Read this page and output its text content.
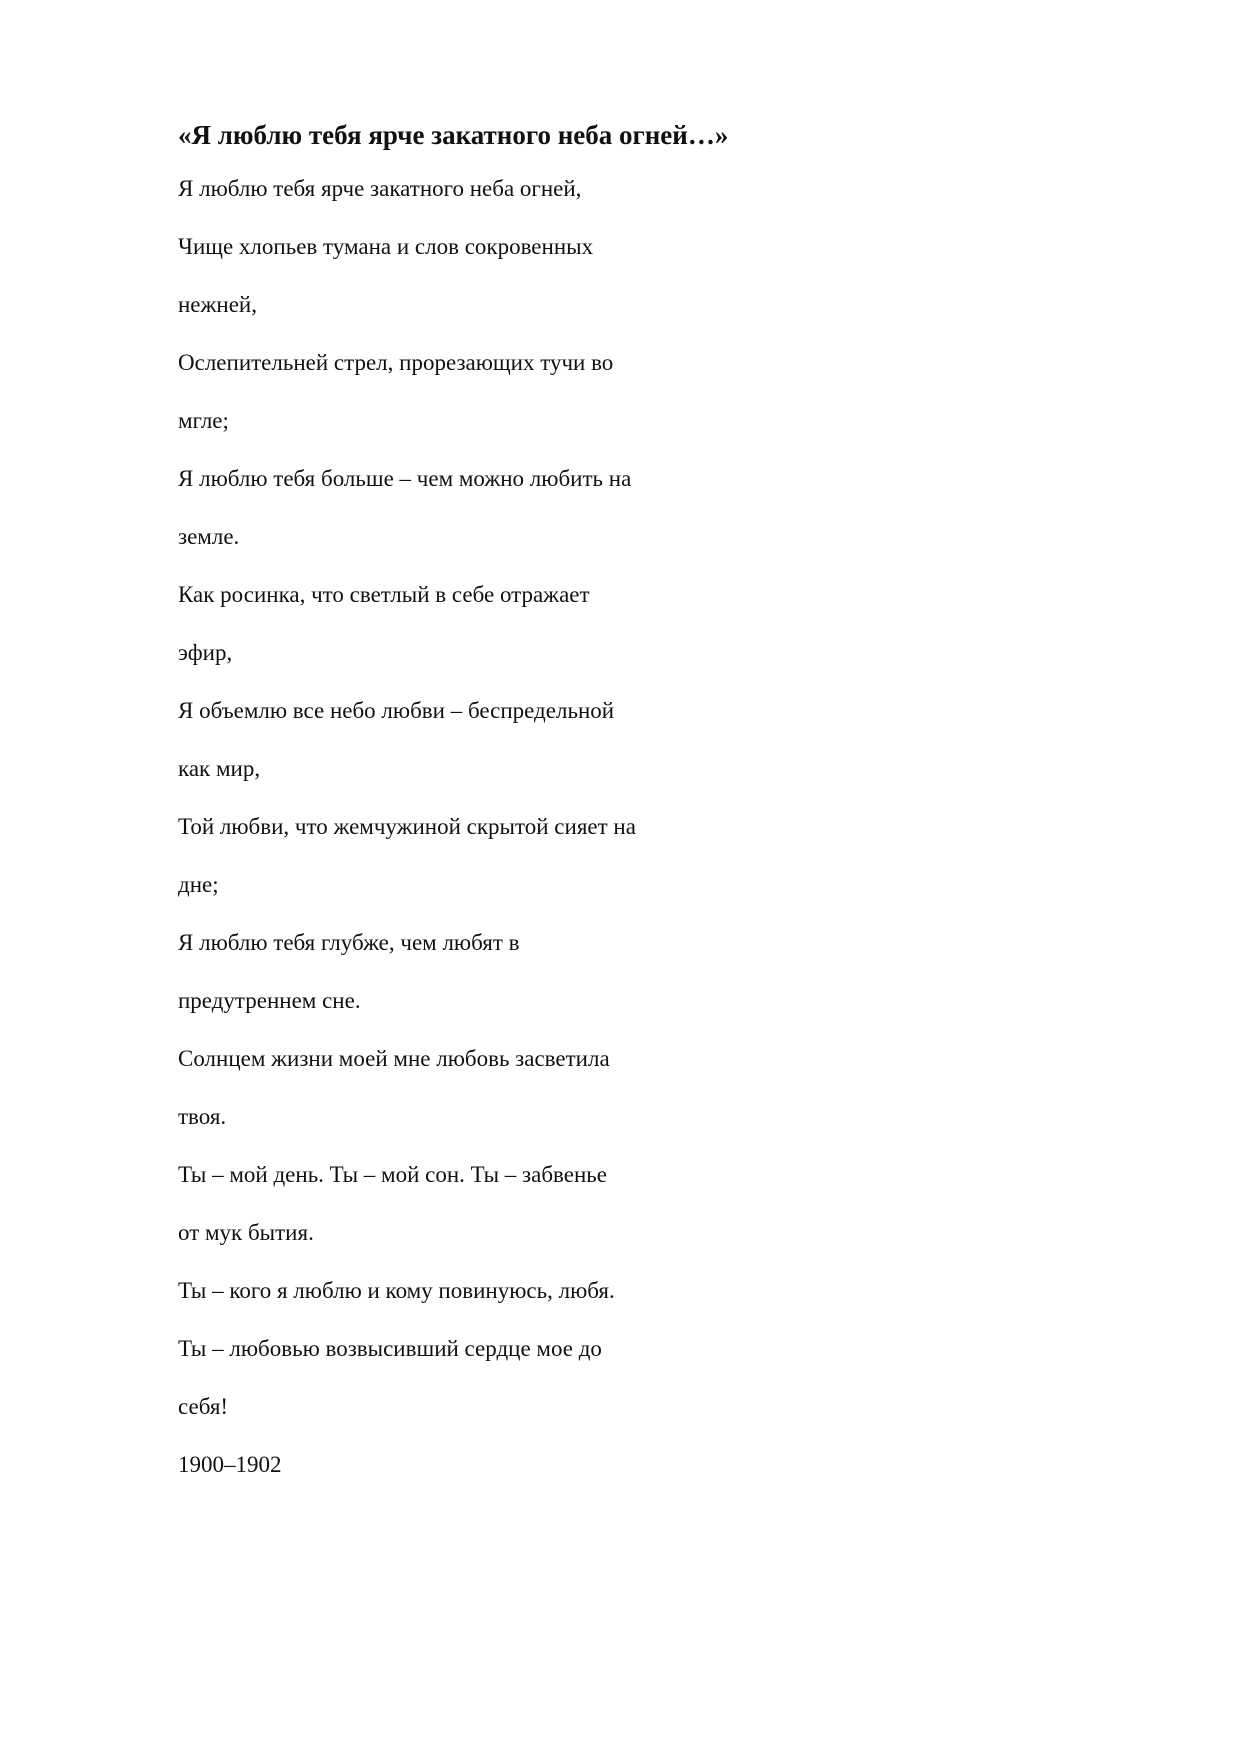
«Я люблю тебя ярче закатного неба огней…»
Я люблю тебя ярче закатного неба огней,
Чище хлопьев тумана и слов сокровенных
нежней,
Ослепительней стрел, прорезающих тучи во
мгле;
Я люблю тебя больше – чем можно любить на
земле.
Как росинка, что светлый в себе отражает
эфир,
Я объемлю все небо любви – беспредельной
как мир,
Той любви, что жемчужиной скрытой сияет на
дне;
Я люблю тебя глубже, чем любят в
предутреннем сне.
Солнцем жизни моей мне любовь засветила
твоя.
Ты – мой день. Ты – мой сон. Ты – забвенье
от мук бытия.
Ты – кого я люблю и кому повинуюсь, любя.
Ты – любовью возвысивший сердце мое до
себя!
1900–1902
